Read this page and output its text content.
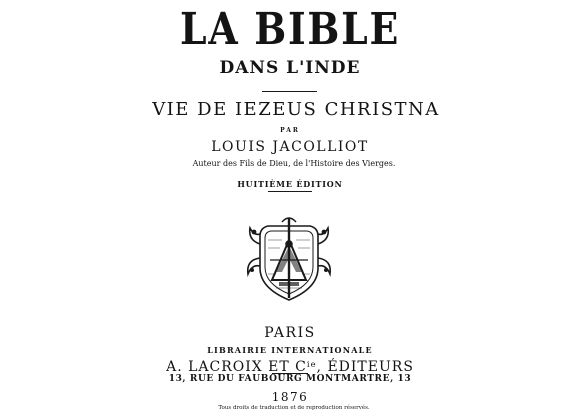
LA BIBLE
DANS L'INDE
VIE DE IEZEUS CHRISTNA
PAR
LOUIS JACOLLIOT
Auteur des Fils de Dieu, de l'Histoire des Vierges.
HUITIÈME ÉDITION
PARIS
LIBRAIRIE INTERNATIONALE
A. LACROIX ET $C^{ie}$, ÉDITEURS
13, RUE DU FAUBOURG MONTMARTRE, 13
1876
Tous droits de traduction et de reproduction réservés.
